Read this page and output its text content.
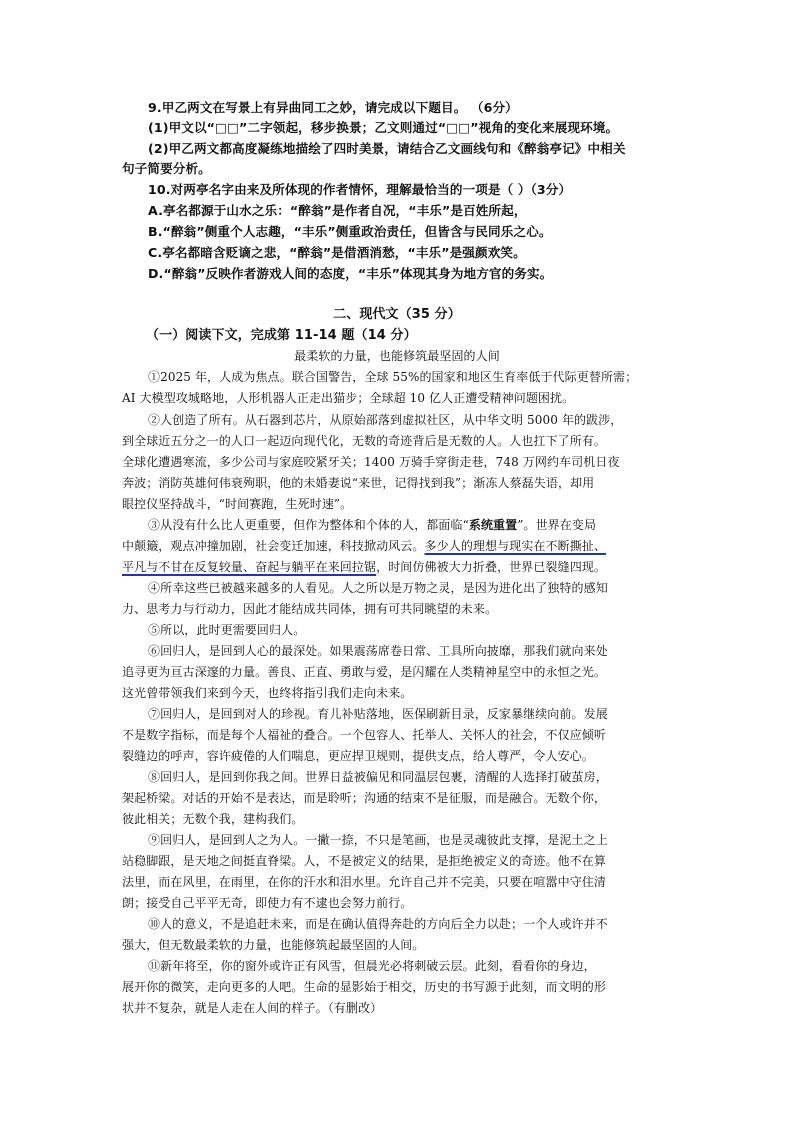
9.甲乙两文在写景上有异曲同工之妙，请完成以下题目。 （6分）
(1)甲文以“□□”二字领起，移步换景；乙文则通过“□□”视角的变化来展现环境。
(2)甲乙两文都高度凝练地描绘了四时美景，请结合乙文画线句和《醉翁亭记》中相关
句子简要分析。
10.对两亭名字由来及所体现的作者情怀，理解最恰当的一项是（ ）（3分）
A.亭名都源于山水之乐：“醉翁”是作者自况，“丰乐”是百姓所起，
B.“醉翁”侧重个人志趣，“丰乐”侧重政治责任，但皆含与民同乐之心。
C.亭名都暗含贬谪之悲，“醉翁”是借酒消愁，“丰乐”是强颜欢笑。
D.“醉翁”反映作者游戏人间的态度，“丰乐”体现其身为地方官的务实。
二、现代文（35 分）
（一）阅读下文，完成第 11-14 题（14 分）
最柔软的力量，也能修筑最坚固的人间
①2025 年，人成为焦点。联合国警告，全球 55%的国家和地区生育率低于代际更替所需；
AI 大模型攻城略地，人形机器人正走出猫步；全球超 10 亿人正遭受精神问题困扰。
②人创造了所有。从石器到芯片，从原始部落到虚拟社区，从中华文明 5000 年的跋涉，
到全球近五分之一的人口一起迈向现代化，无数的奇迹背后是无数的人。人也扛下了所有。
全球化遭遇寒流，多少公司与家庭咬紧牙关；1400 万骑手穿街走巷，748 万网约车司机日夜
奔波；消防英雄何伟衰殉职，他的未婚妻说“来世，记得找到我”；渐冻人蔡磊失语，却用
眼控仪坚持战斗，“时间赛跑，生死时速”。
③从没有什么比人更重要，但作为整体和个体的人，都面临“系统重置”。世界在变局
中颠簸，观点冲撞加剧，社会变迁加速，科技掀动风云。多少人的理想与现实在不断撕扯、
平凡与不甘在反复较量、奋起与躺平在来回拉锯，时间仿佛被大力折叠，世界已裂缝四现。
④所幸这些已被越来越多的人看见。人之所以是万物之灵，是因为进化出了独特的感知
力、思考力与行动力，因此才能结成共同体，拥有可共同眺望的未来。
⑤所以，此时更需要回归人。
⑥回归人，是回到人心的最深处。如果震荡席卷日常、工具所向披靡，那我们就向来处
追寻更为亘古深邃的力量。善良、正直、勇敢与爱，是闪耀在人类精神星空中的永恒之光。
这光曾带领我们来到今天，也终将指引我们走向未来。
⑦回归人，是回到对人的珍视。育儿补贴落地，医保刷新目录，反家暴继续向前。发展
不是数字指标，而是每个人福祉的叠合。一个包容人、托举人、关怀人的社会，不仅应倾听
裂缝边的呼声，容许疲倦的人们喘息，更应捍卫规则，提供支点，给人尊严，令人安心。
⑧回归人，是回到你我之间。世界日益被偏见和同温层包裹，清醒的人选择打破茧房，
架起桥梁。对话的开始不是表达，而是聆听；沟通的结束不是征服，而是融合。无数个你，
彼此相关；无数个我，建构我们。
⑨回归人，是回到人之为人。一撇一捺，不只是笔画，也是灵魂彼此支撑，是泥土之上
站稳脚跟，是天地之间挺直脊梁。人，不是被定义的结果，是拒绝被定义的奇迹。他不在算
法里，而在风里，在雨里，在你的汗水和泪水里。允许自己并不完美，只要在喧嚣中守住清
朗；接受自己平平无奇，即使力有不逮也会努力前行。
⑩人的意义，不是追赶未来，而是在确认值得奔赴的方向后全力以赴；一个人或许并不
强大，但无数最柔软的力量，也能修筑起最坚固的人间。
⑪新年将至，你的窗外或许正有风雪，但晨光必将刺破云层。此刻，看看你的身边，
展开你的微笑，走向更多的人吧。生命的显影始于相交，历史的书写源于此刻，而文明的形
状并不复杂，就是人走在人间的样子。（有删改）
